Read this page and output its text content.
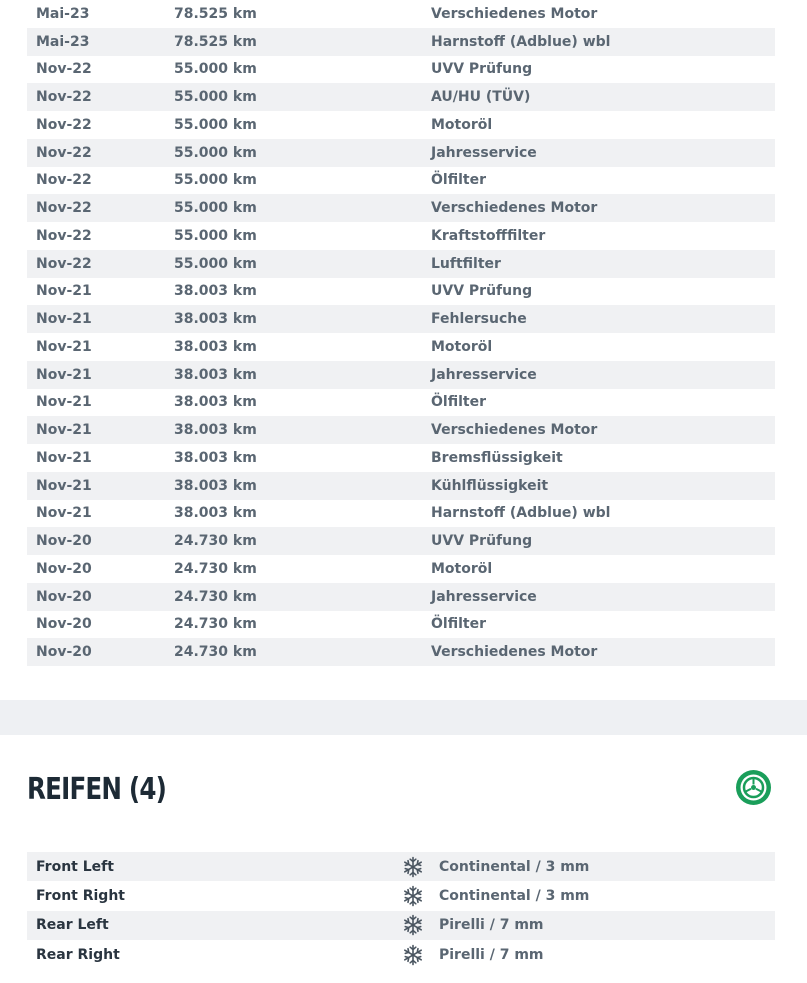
Mai-23	78.525 km	Verschiedenes Motor
Mai-23	78.525 km	Harnstoff (Adblue) wbl
Nov-22	55.000 km	UVV Prüfung
Nov-22	55.000 km	AU/HU (TÜV)
Nov-22	55.000 km	Motoröl
Nov-22	55.000 km	Jahresservice
Nov-22	55.000 km	Ölfilter
Nov-22	55.000 km	Verschiedenes Motor
Nov-22	55.000 km	Kraftstofffilter
Nov-22	55.000 km	Luftfilter
Nov-21	38.003 km	UVV Prüfung
Nov-21	38.003 km	Fehlersuche
Nov-21	38.003 km	Motoröl
Nov-21	38.003 km	Jahresservice
Nov-21	38.003 km	Ölfilter
Nov-21	38.003 km	Verschiedenes Motor
Nov-21	38.003 km	Bremsflüssigkeit
Nov-21	38.003 km	Kühlflüssigkeit
Nov-21	38.003 km	Harnstoff (Adblue) wbl
Nov-20	24.730 km	UVV Prüfung
Nov-20	24.730 km	Motoröl
Nov-20	24.730 km	Jahresservice
Nov-20	24.730 km	Ölfilter
Nov-20	24.730 km	Verschiedenes Motor
REIFEN (4)
Front Left	Continental / 3 mm
Front Right	Continental / 3 mm
Rear Left	Pirelli / 7 mm
Rear Right	Pirelli / 7 mm
